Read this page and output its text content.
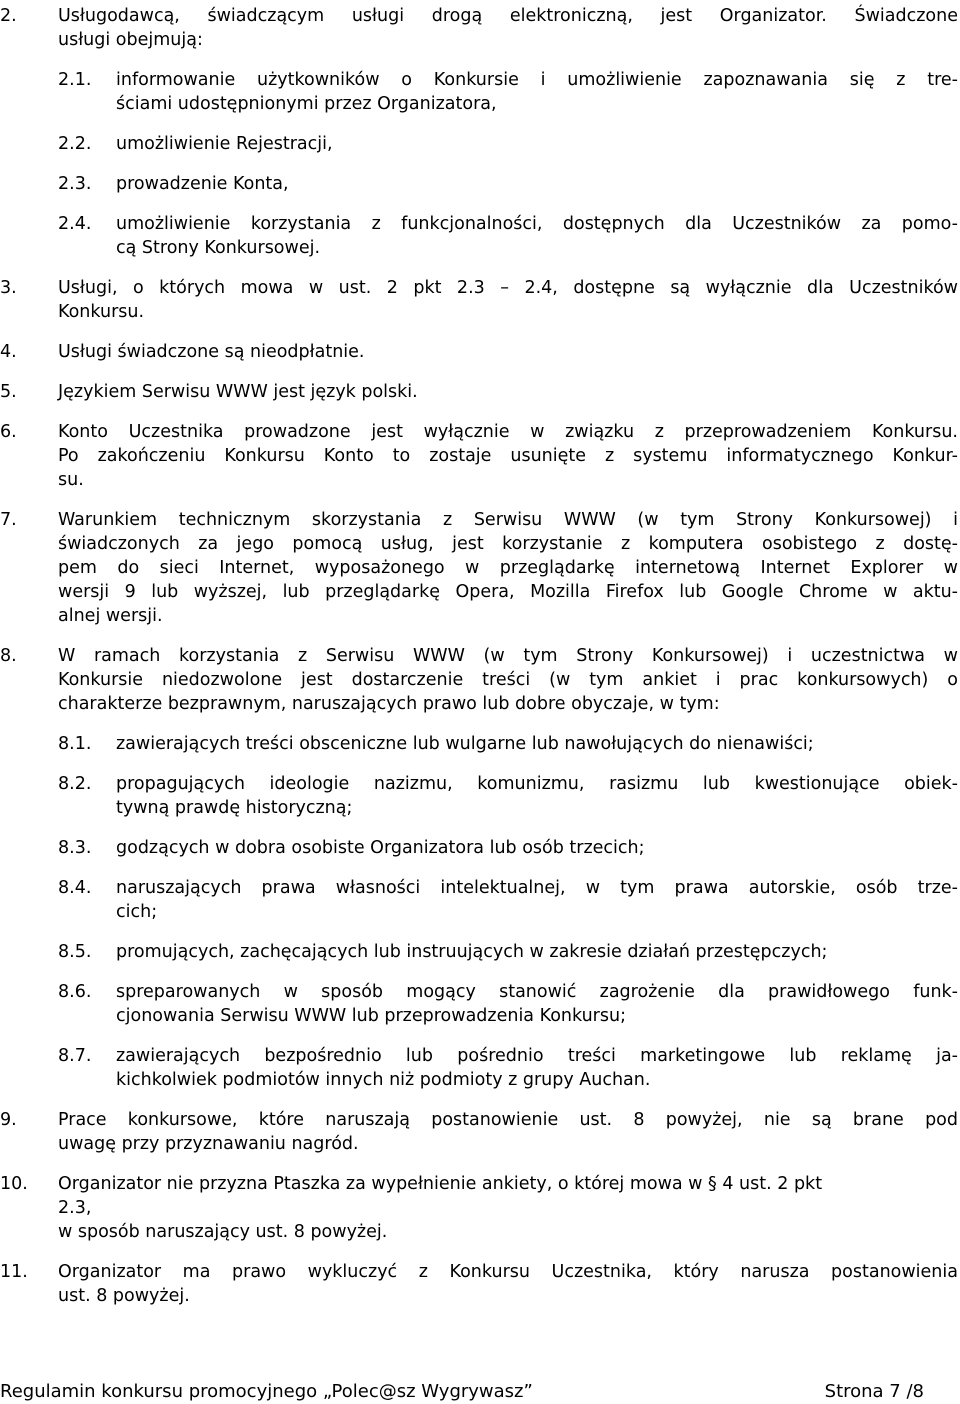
2. Usługodawcą, świadczącym usługi drogą elektroniczną, jest Organizator. Świadczone
usługi obejmują:
2.1. informowanie użytkowników o Konkursie i umożliwienie zapoznawania się z tre-
ściami udostępnionymi przez Organizatora,
2.2. umożliwienie Rejestracji,
2.3. prowadzenie Konta,
2.4. umożliwienie korzystania z funkcjonalności, dostępnych dla Uczestników za pomo-
cą Strony Konkursowej.
3. Usługi, o których mowa w ust. 2 pkt 2.3 – 2.4, dostępne są wyłącznie dla Uczestników
Konkursu.
4. Usługi świadczone są nieodpłatnie.
5. Językiem Serwisu WWW jest język polski.
6. Konto Uczestnika prowadzone jest wyłącznie w związku z przeprowadzeniem Konkursu.
Po zakończeniu Konkursu Konto to zostaje usunięte z systemu informatycznego Konkur-
su.
7. Warunkiem technicznym skorzystania z Serwisu WWW (w tym Strony Konkursowej) i
świadczonych za jego pomocą usług, jest korzystanie z komputera osobistego z dostę-
pem do sieci Internet, wyposażonego w przeglądarkę internetową Internet Explorer w
wersji 9 lub wyższej, lub przeglądarkę Opera, Mozilla Firefox lub Google Chrome w aktu-
alnej wersji.
8. W ramach korzystania z Serwisu WWW (w tym Strony Konkursowej) i uczestnictwa w
Konkursie niedozwolone jest dostarczenie treści (w tym ankiet i prac konkursowych) o
charakterze bezprawnym, naruszających prawo lub dobre obyczaje, w tym:
8.1. zawierających treści obsceniczne lub wulgarne lub nawołujących do nienawiści;
8.2. propagujących ideologie nazizmu, komunizmu, rasizmu lub kwestionujące obiek-
tywną prawdę historyczną;
8.3. godzących w dobra osobiste Organizatora lub osób trzecich;
8.4. naruszających prawa własności intelektualnej, w tym prawa autorskie, osób trze-
cich;
8.5. promujących, zachęcających lub instruujących w zakresie działań przestępczych;
8.6. spreparowanych w sposób mogący stanowić zagrożenie dla prawidłowego funk-
cjonowania Serwisu WWW lub przeprowadzenia Konkursu;
8.7. zawierających bezpośrednio lub pośrednio treści marketingowe lub reklamę ja-
kichkolwiek podmiotów innych niż podmioty z grupy Auchan.
9. Prace konkursowe, które naruszają postanowienie ust. 8 powyżej, nie są brane pod
uwagę przy przyznawaniu nagród.
10. Organizator nie przyzna Ptaszka za wypełnienie ankiety, o której mowa w § 4 ust. 2 pkt
2.3,
w sposób naruszający ust. 8 powyżej.
11. Organizator ma prawo wykluczyć z Konkursu Uczestnika, który narusza postanowienia
ust. 8 powyżej.
Regulamin konkursu promocyjnego „Polec@sz Wygrywasz”	Strona 7 /8
